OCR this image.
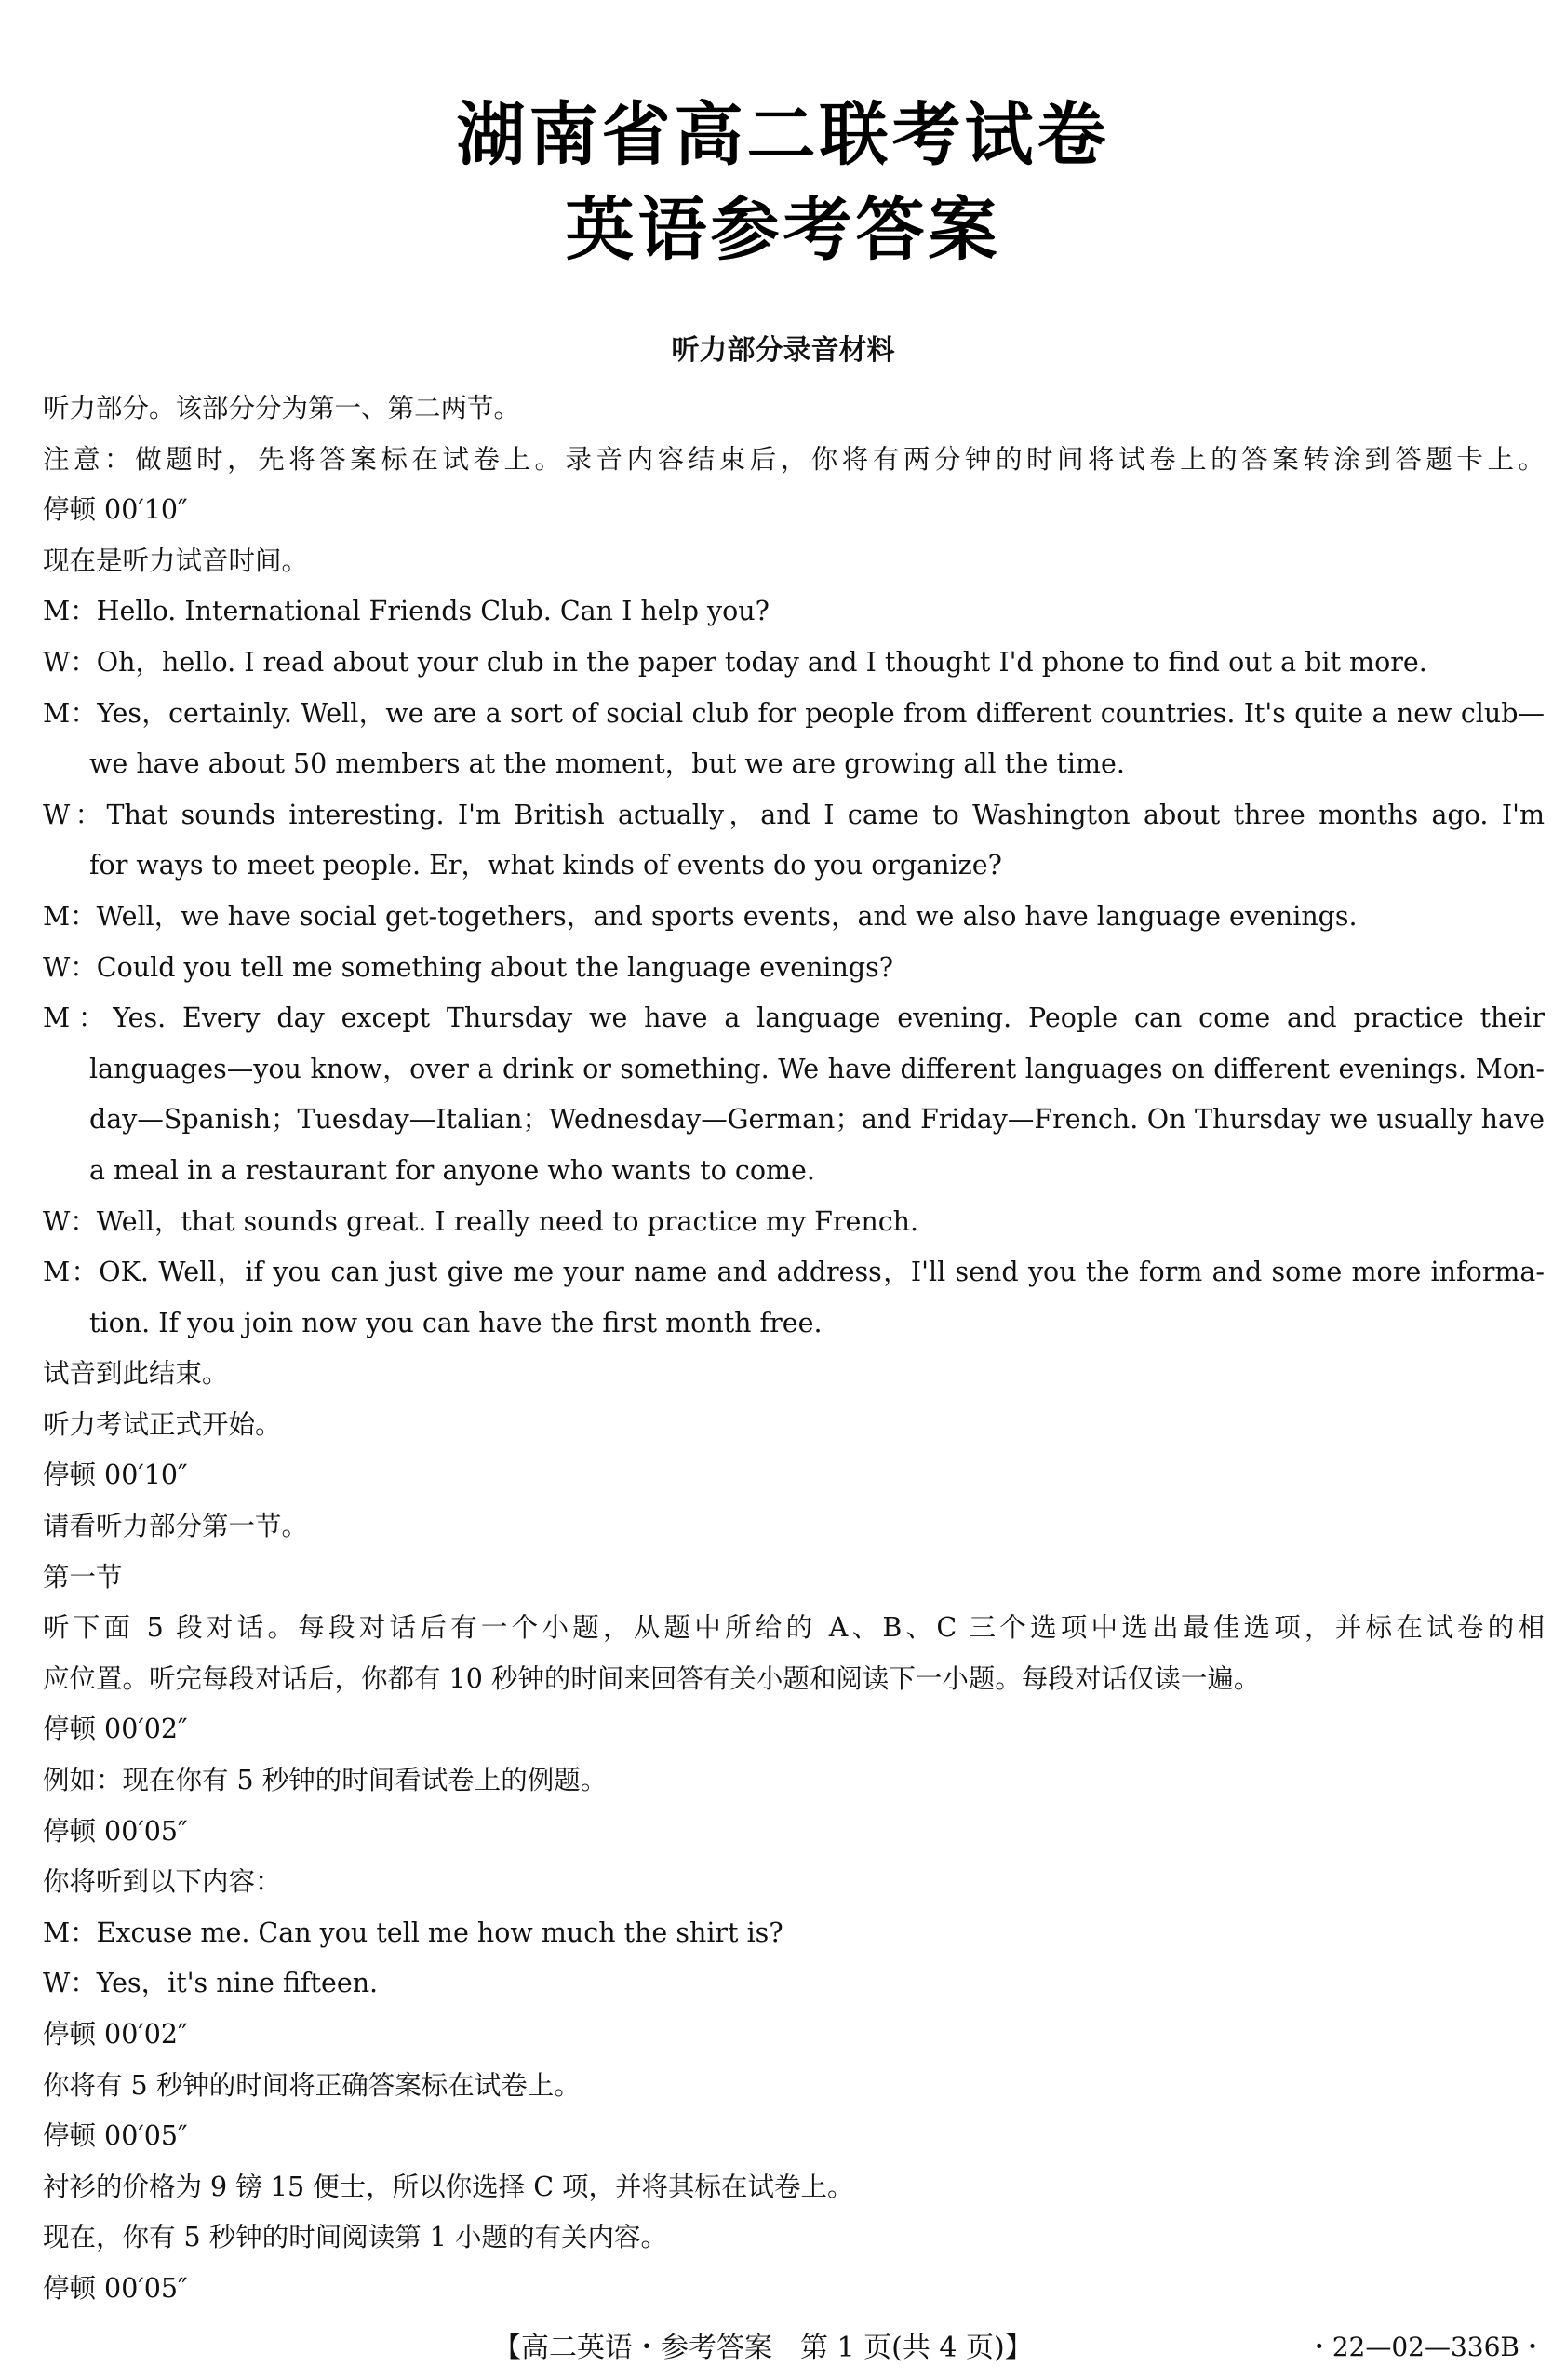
湖南省高二联考试卷
英语参考答案
听力部分录音材料
听力部分。该部分分为第一、第二两节。
注意：做题时，先将答案标在试卷上。录音内容结束后，你将有两分钟的时间将试卷上的答案转涂到答题卡上。
停顿 00′10″
现在是听力试音时间。
M：Hello. International Friends Club. Can I help you?
W：Oh，hello. I read about your club in the paper today and I thought I'd phone to find out a bit more.
M：Yes，certainly. Well，we are a sort of social club for people from different countries. It's quite a new club—
we have about 50 members at the moment，but we are growing all the time.
W：That sounds interesting. I'm British actually，and I came to Washington about three months ago. I'm
for ways to meet people. Er，what kinds of events do you organize?
M：Well，we have social get-togethers，and sports events，and we also have language evenings.
W：Could you tell me something about the language evenings?
M：Yes. Every day except Thursday we have a language evening. People can come and practice their
languages—you know，over a drink or something. We have different languages on different evenings. Mon-
day—Spanish；Tuesday—Italian；Wednesday—German；and Friday—French. On Thursday we usually have
a meal in a restaurant for anyone who wants to come.
W：Well，that sounds great. I really need to practice my French.
M：OK. Well，if you can just give me your name and address，I'll send you the form and some more informa-
tion. If you join now you can have the first month free.
试音到此结束。
听力考试正式开始。
停顿 00′10″
请看听力部分第一节。
第一节
听下面 5 段对话。每段对话后有一个小题，从题中所给的 A、B、C 三个选项中选出最佳选项，并标在试卷的相
应位置。听完每段对话后，你都有 10 秒钟的时间来回答有关小题和阅读下一小题。每段对话仅读一遍。
停顿 00′02″
例如：现在你有 5 秒钟的时间看试卷上的例题。
停顿 00′05″
你将听到以下内容：
M：Excuse me. Can you tell me how much the shirt is?
W：Yes，it's nine fifteen.
停顿 00′02″
你将有 5 秒钟的时间将正确答案标在试卷上。
停顿 00′05″
衬衫的价格为 9 镑 15 便士，所以你选择 C 项，并将其标在试卷上。
现在，你有 5 秒钟的时间阅读第 1 小题的有关内容。
停顿 00′05″
【高二英语・参考答案　第 1 页(共 4 页)】	・22—02—336B・
